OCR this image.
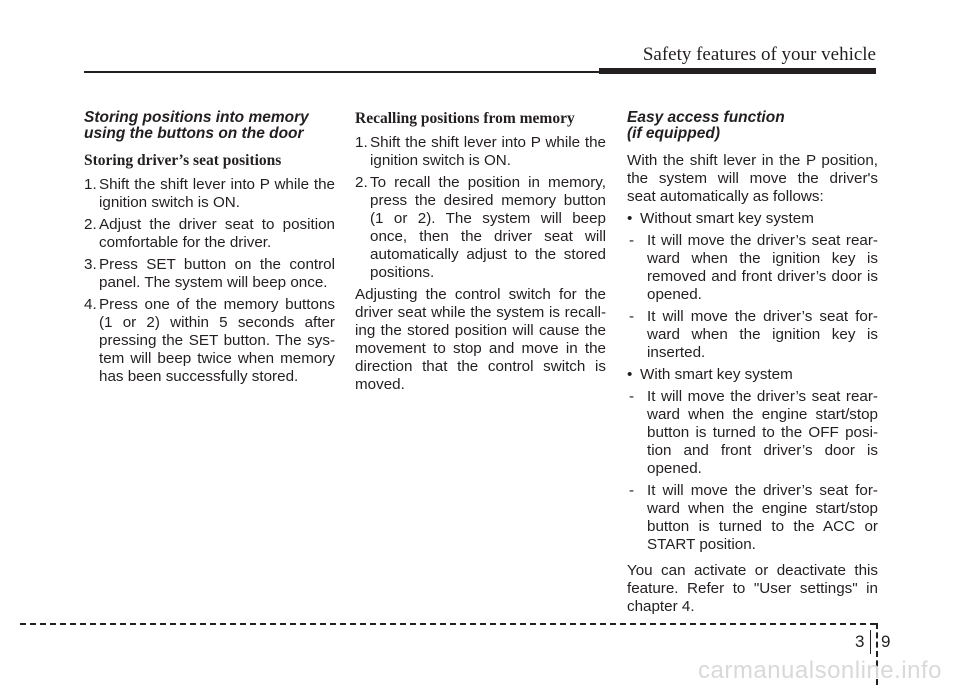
Safety features of your vehicle
Storing positions into memory
using the buttons on the door
Storing driver’s seat positions
1. Shift the shift lever into P while the ignition switch is ON.
2. Adjust the driver seat to position comfortable for the driver.
3. Press SET button on the control panel. The system will beep once.
4. Press one of the memory buttons (1 or 2) within 5 seconds after pressing the SET button. The sys-tem will beep twice when memory has been successfully stored.
Recalling positions from memory
1. Shift the shift lever into P while the ignition switch is ON.
2. To recall the position in memory, press the desired memory button (1 or 2). The system will beep once, then the driver seat will automatically adjust to the stored positions.

Adjusting the control switch for the driver seat while the system is recall-ing the stored position will cause the movement to stop and move in the direction that the control switch is moved.

Easy access function
(if equipped)

With the shift lever in the P position, the system will move the driver's seat automatically as follows:

• Without smart key system
- It will move the driver’s seat rear-ward when the ignition key is removed and front driver’s door is opened.
- It will move the driver’s seat for-ward when the ignition key is inserted.
• With smart key system
- It will move the driver’s seat rear-ward when the engine start/stop button is turned to the OFF posi-tion and front driver’s door is opened.
- It will move the driver’s seat for-ward when the engine start/stop button is turned to the ACC or START position.

You can activate or deactivate this feature. Refer to "User settings" in chapter 4.

3 9
carmanualsonline.info
